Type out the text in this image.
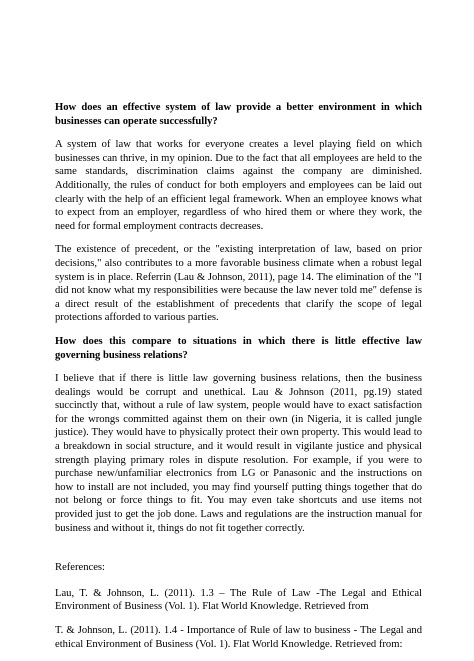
How does an effective system of law provide a better environment in which businesses can operate successfully?
A system of law that works for everyone creates a level playing field on which businesses can thrive, in my opinion. Due to the fact that all employees are held to the same standards, discrimination claims against the company are diminished. Additionally, the rules of conduct for both employers and employees can be laid out clearly with the help of an efficient legal framework. When an employee knows what to expect from an employer, regardless of who hired them or where they work, the need for formal employment contracts decreases.
The existence of precedent, or the "existing interpretation of law, based on prior decisions," also contributes to a more favorable business climate when a robust legal system is in place. Referrin (Lau & Johnson, 2011), page 14. The elimination of the "I did not know what my responsibilities were because the law never told me" defense is a direct result of the establishment of precedents that clarify the scope of legal protections afforded to various parties.
How does this compare to situations in which there is little effective law governing business relations?
I believe that if there is little law governing business relations, then the business dealings would be corrupt and unethical. Lau & Johnson (2011, pg.19) stated succinctly that, without a rule of law system, people would have to exact satisfaction for the wrongs committed against them on their own (in Nigeria, it is called jungle justice). They would have to physically protect their own property. This would lead to a breakdown in social structure, and it would result in vigilante justice and physical strength playing primary roles in dispute resolution. For example, if you were to purchase new/unfamiliar electronics from LG or Panasonic and the instructions on how to install are not included, you may find yourself putting things together that do not belong or force things to fit. You may even take shortcuts and use items not provided just to get the job done. Laws and regulations are the instruction manual for business and without it, things do not fit together correctly.
References:
Lau, T. & Johnson, L. (2011). 1.3 – The Rule of Law -The Legal and Ethical Environment of Business (Vol. 1). Flat World Knowledge. Retrieved from
T. & Johnson, L. (2011). 1.4 - Importance of Rule of law to business - The Legal and ethical Environment of Business (Vol. 1). Flat World Knowledge. Retrieved from:
